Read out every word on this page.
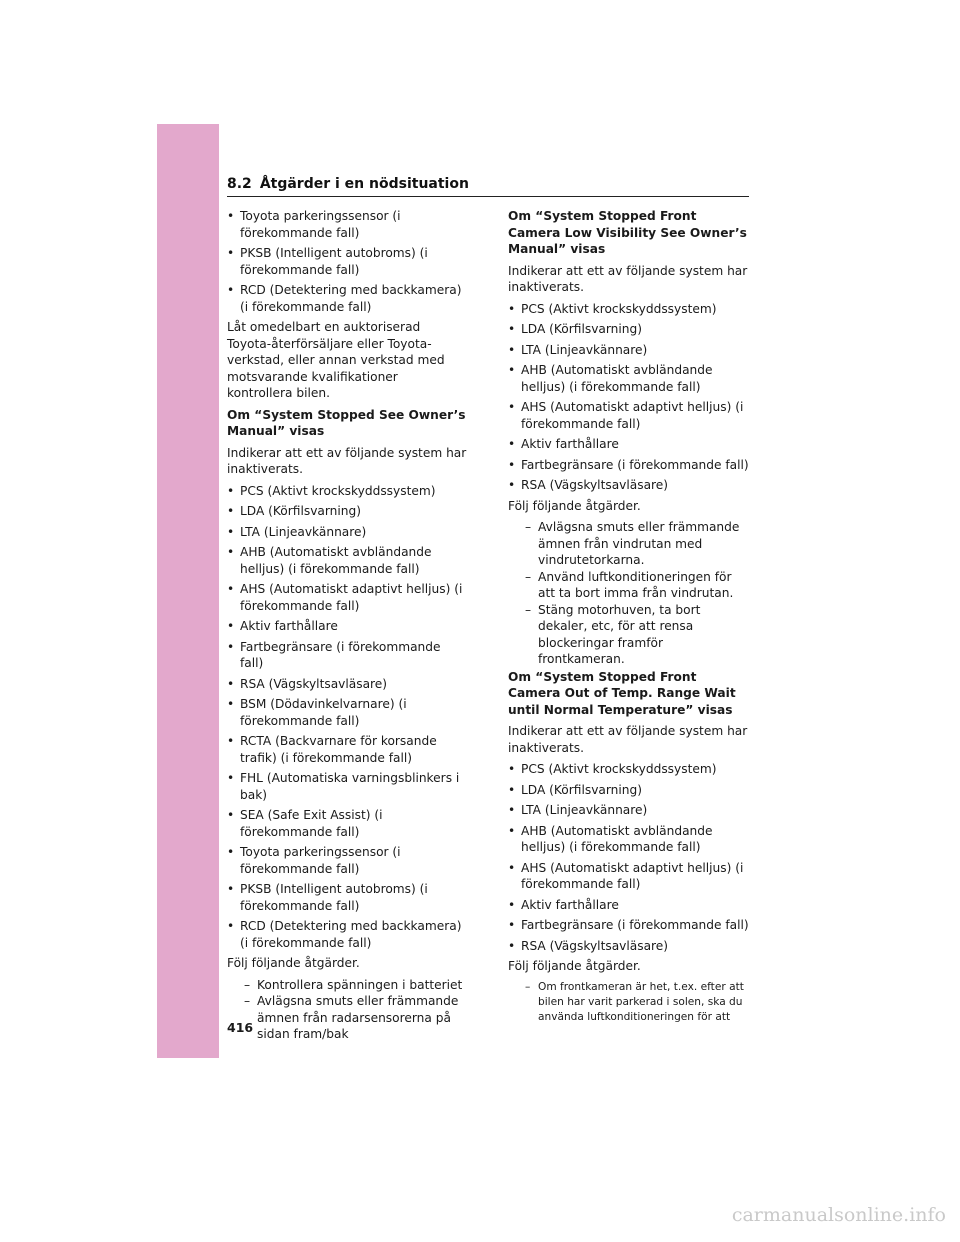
8.2 Åtgärder i en nödsituation
• Toyota parkeringssensor (i förekommande fall)
• PKSB (Intelligent autobroms) (i förekommande fall)
• RCD (Detektering med backkamera) (i förekommande fall)
Låt omedelbart en auktoriserad Toyota-återförsäljare eller Toyota-verkstad, eller annan verkstad med motsvarande kvalifikationer kontrollera bilen.
Om “System Stopped See Owner’s Manual” visas
Indikerar att ett av följande system har inaktiverats.
• PCS (Aktivt krockskyddssystem)
• LDA (Körfilsvarning)
• LTA (Linjeavkännare)
• AHB (Automatiskt avbländande helljus) (i förekommande fall)
• AHS (Automatiskt adaptivt helljus) (i förekommande fall)
• Aktiv farthållare
• Fartbegränsare (i förekommande fall)
• RSA (Vägskyltsavläsare)
• BSM (Dödavinkelvarnare) (i förekommande fall)
• RCTA (Backvarnare för korsande trafik) (i förekommande fall)
• FHL (Automatiska varningsblinkers i bak)
• SEA (Safe Exit Assist) (i förekommande fall)
• Toyota parkeringssensor (i förekommande fall)
• PKSB (Intelligent autobroms) (i förekommande fall)
• RCD (Detektering med backkamera) (i förekommande fall)
Följ följande åtgärder.
– Kontrollera spänningen i batteriet
– Avlägsna smuts eller främmande ämnen från radarsensorerna på sidan fram/bak
Om “System Stopped Front Camera Low Visibility See Owner’s Manual” visas
Indikerar att ett av följande system har inaktiverats.
• PCS (Aktivt krockskyddssystem)
• LDA (Körfilsvarning)
• LTA (Linjeavkännare)
• AHB (Automatiskt avbländande helljus) (i förekommande fall)
• AHS (Automatiskt adaptivt helljus) (i förekommande fall)
• Aktiv farthållare
• Fartbegränsare (i förekommande fall)
• RSA (Vägskyltsavläsare)
Följ följande åtgärder.
– Avlägsna smuts eller främmande ämnen från vindrutan med vindrutetorkarna.
– Använd luftkonditioneringen för att ta bort imma från vindrutan.
– Stäng motorhuven, ta bort dekaler, etc, för att rensa blockeringar framför frontkameran.
Om “System Stopped Front Camera Out of Temp. Range Wait until Normal Temperature” visas
Indikerar att ett av följande system har inaktiverats.
• PCS (Aktivt krockskyddssystem)
• LDA (Körfilsvarning)
• LTA (Linjeavkännare)
• AHB (Automatiskt avbländande helljus) (i förekommande fall)
• AHS (Automatiskt adaptivt helljus) (i förekommande fall)
• Aktiv farthållare
• Fartbegränsare (i förekommande fall)
• RSA (Vägskyltsavläsare)
Följ följande åtgärder.
– Om frontkameran är het, t.ex. efter att bilen har varit parkerad i solen, ska du använda luftkonditioneringen för att
416
carmanualsonline.info
